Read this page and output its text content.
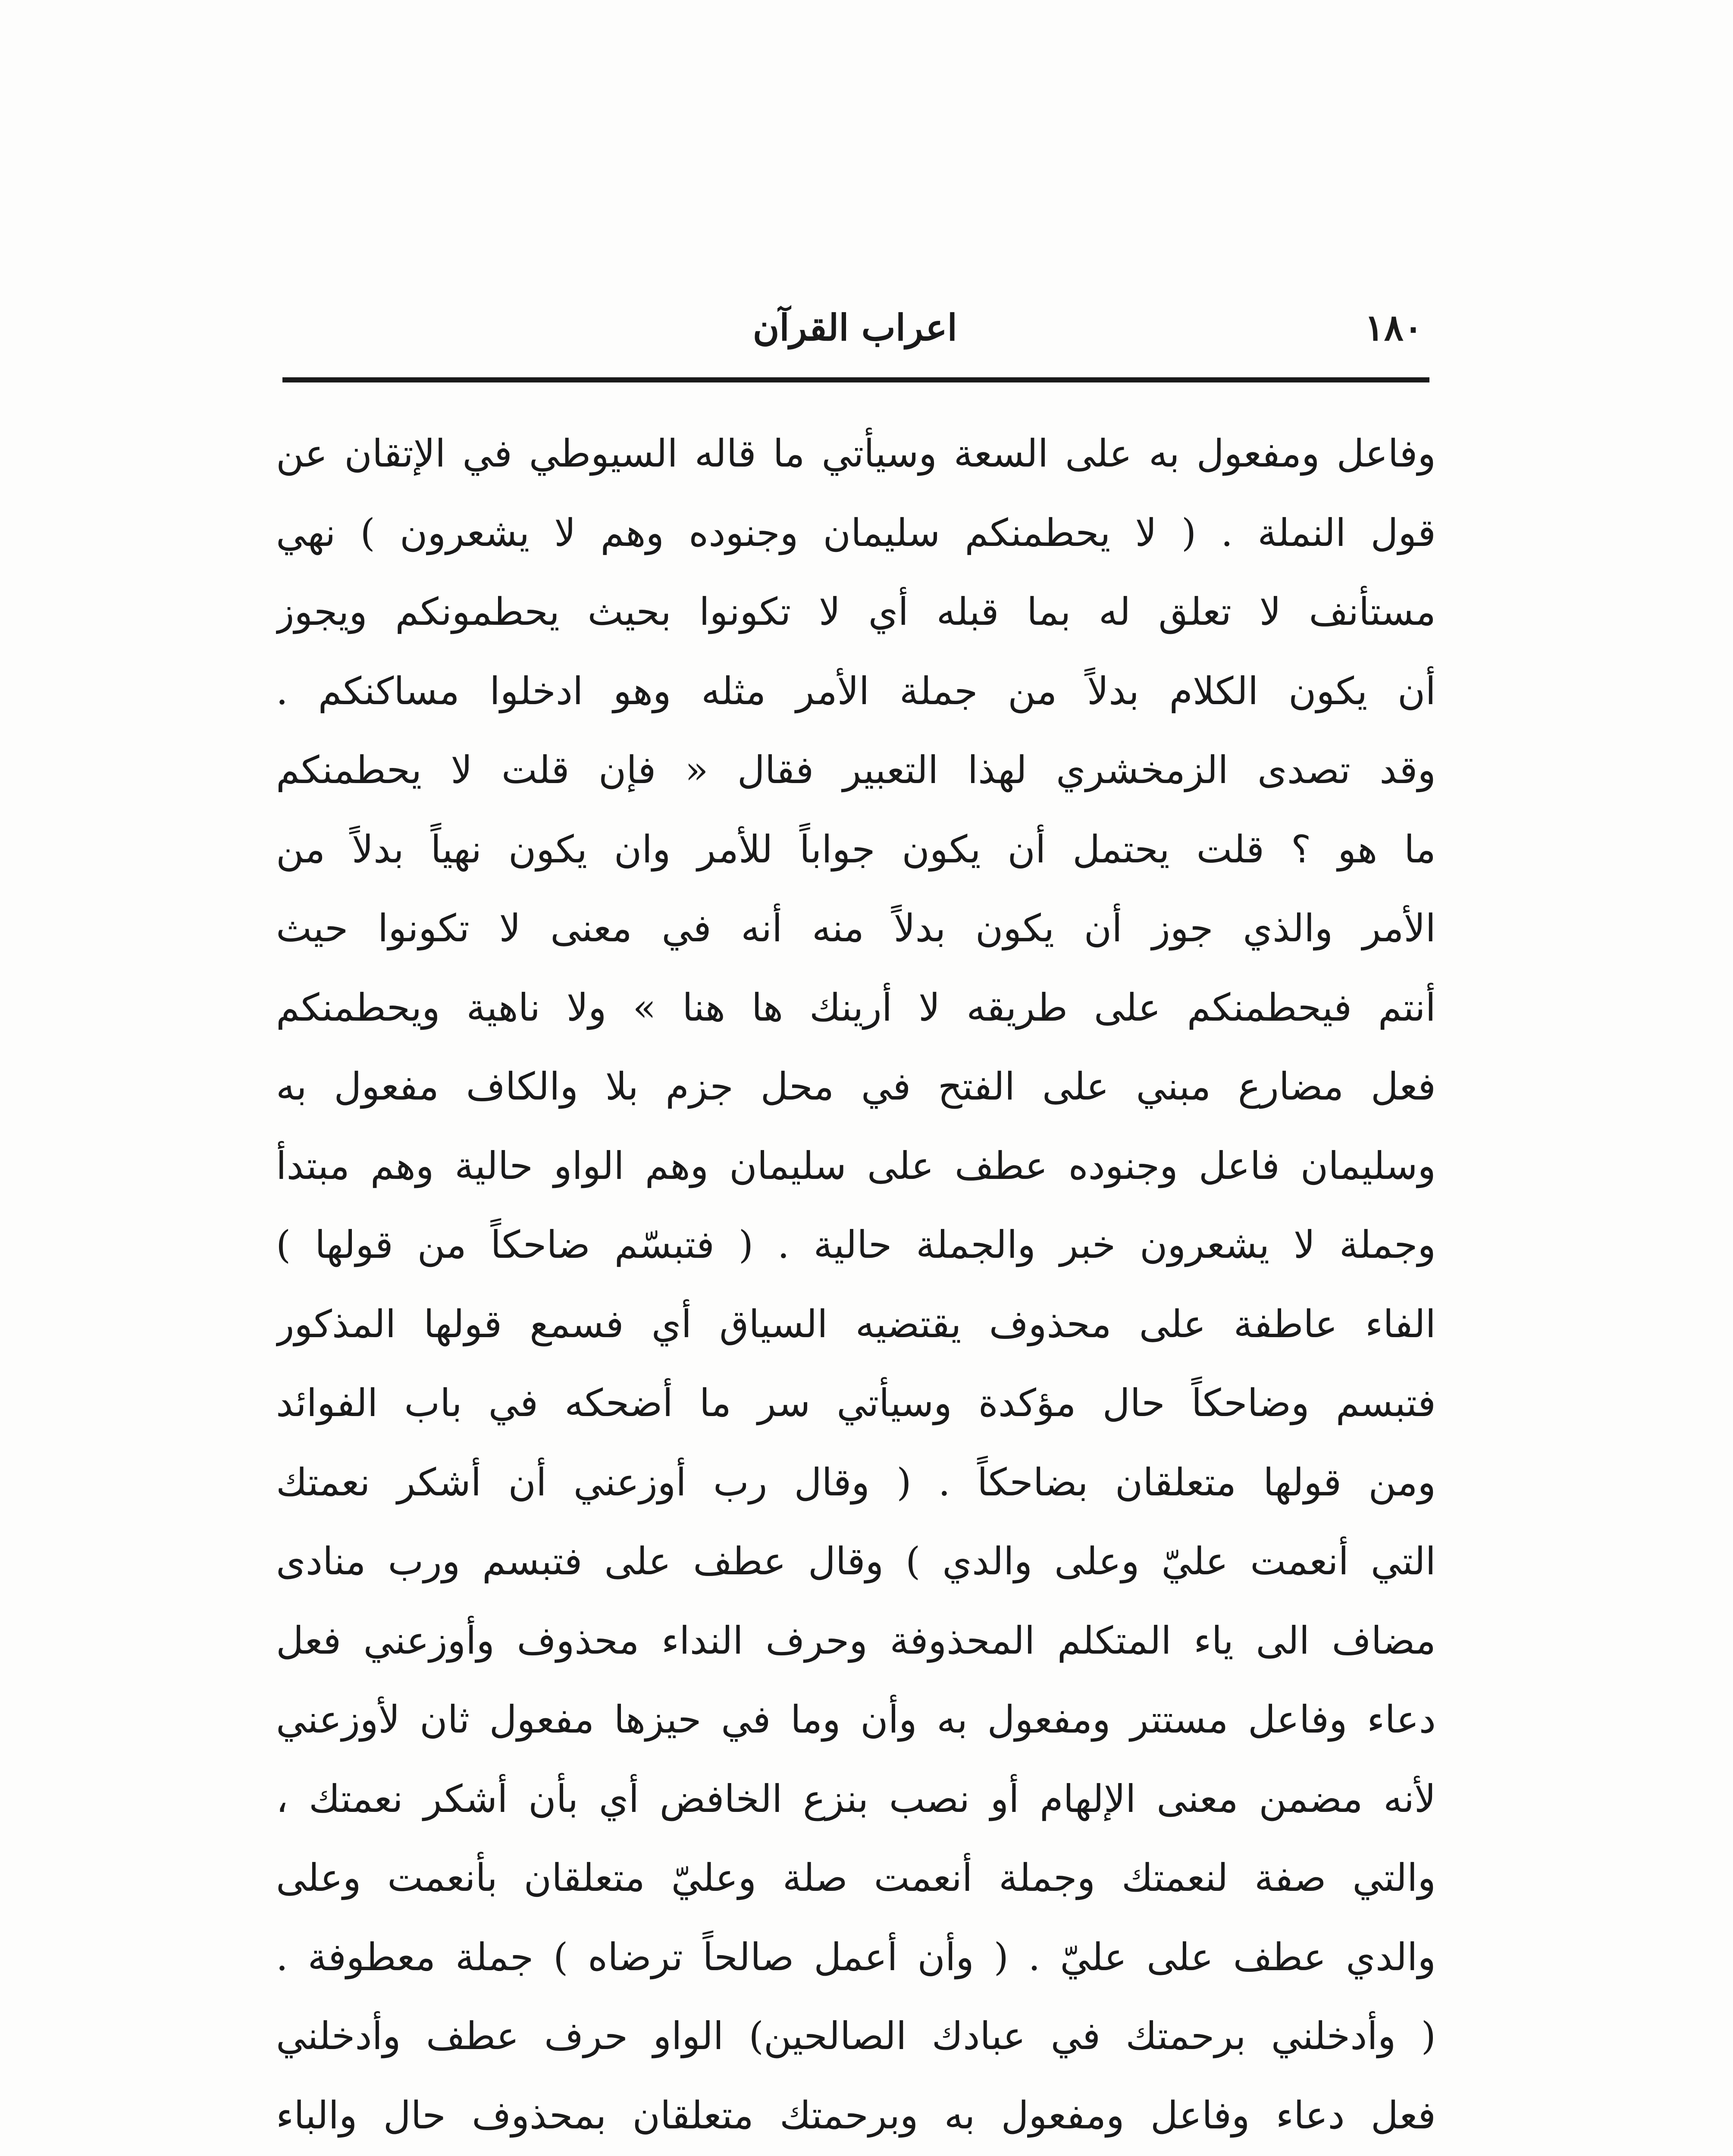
١٨٠
اعراب القرآن
وفاعل ومفعول به على السعة وسيأتي ما قاله السيوطي في الإتقان عن
قول النملة ‌. ( لا يحطمنكم سليمان وجنوده وهم لا يشعرون ) نهي
مستأنف لا تعلق له بما قبله أي لا تكونوا بحيث يحطمونكم ويجوز
أن يكون الكلام بدلاً من جملة الأمر مثله وهو ادخلوا مساكنكم ‌.
وقد تصدى الزمخشري لهذا التعبير فقال « فإن قلت لا يحطمنكم
ما هو ؟ قلت يحتمل أن يكون جواباً للأمر وان يكون نهياً بدلاً من
الأمر والذي جوز أن يكون بدلاً منه أنه في معنى لا تكونوا حيث
أنتم فيحطمنكم على طريقه لا أرينك ها هنا » ولا ناهية ويحطمنكم
فعل مضارع مبني على الفتح في محل جزم بلا والكاف مفعول به
وسليمان فاعل وجنوده عطف على سليمان وهم الواو حالية وهم مبتدأ
وجملة لا يشعرون خبر والجملة حالية ‌. ( فتبسّم ضاحكاً من قولها )
الفاء عاطفة على محذوف يقتضيه السياق أي فسمع قولها المذكور
فتبسم وضاحكاً حال مؤكدة وسيأتي سر ما أضحكه في باب الفوائد
ومن قولها متعلقان بضاحكاً ‌. ( وقال رب أوزعني أن أشكر نعمتك
التي أنعمت عليّ وعلى والدي ) وقال عطف على فتبسم ورب منادى
مضاف الى ياء المتكلم المحذوفة وحرف النداء محذوف وأوزعني فعل
دعاء وفاعل مستتر ومفعول به وأن وما في حيزها مفعول ثان لأوزعني
لأنه مضمن معنى الإلهام أو نصب بنزع الخافض أي بأن أشكر نعمتك ،
والتي صفة لنعمتك وجملة أنعمت صلة وعليّ متعلقان بأنعمت وعلى
والدي عطف على عليّ ‌. ( وأن أعمل صالحاً ترضاه ) جملة معطوفة ‌.
( وأدخلني برحمتك في عبادك الصالحين) الواو حرف عطف وأدخلني
فعل دعاء وفاعل ومفعول به وبرحمتك متعلقان بمحذوف حال والباء
